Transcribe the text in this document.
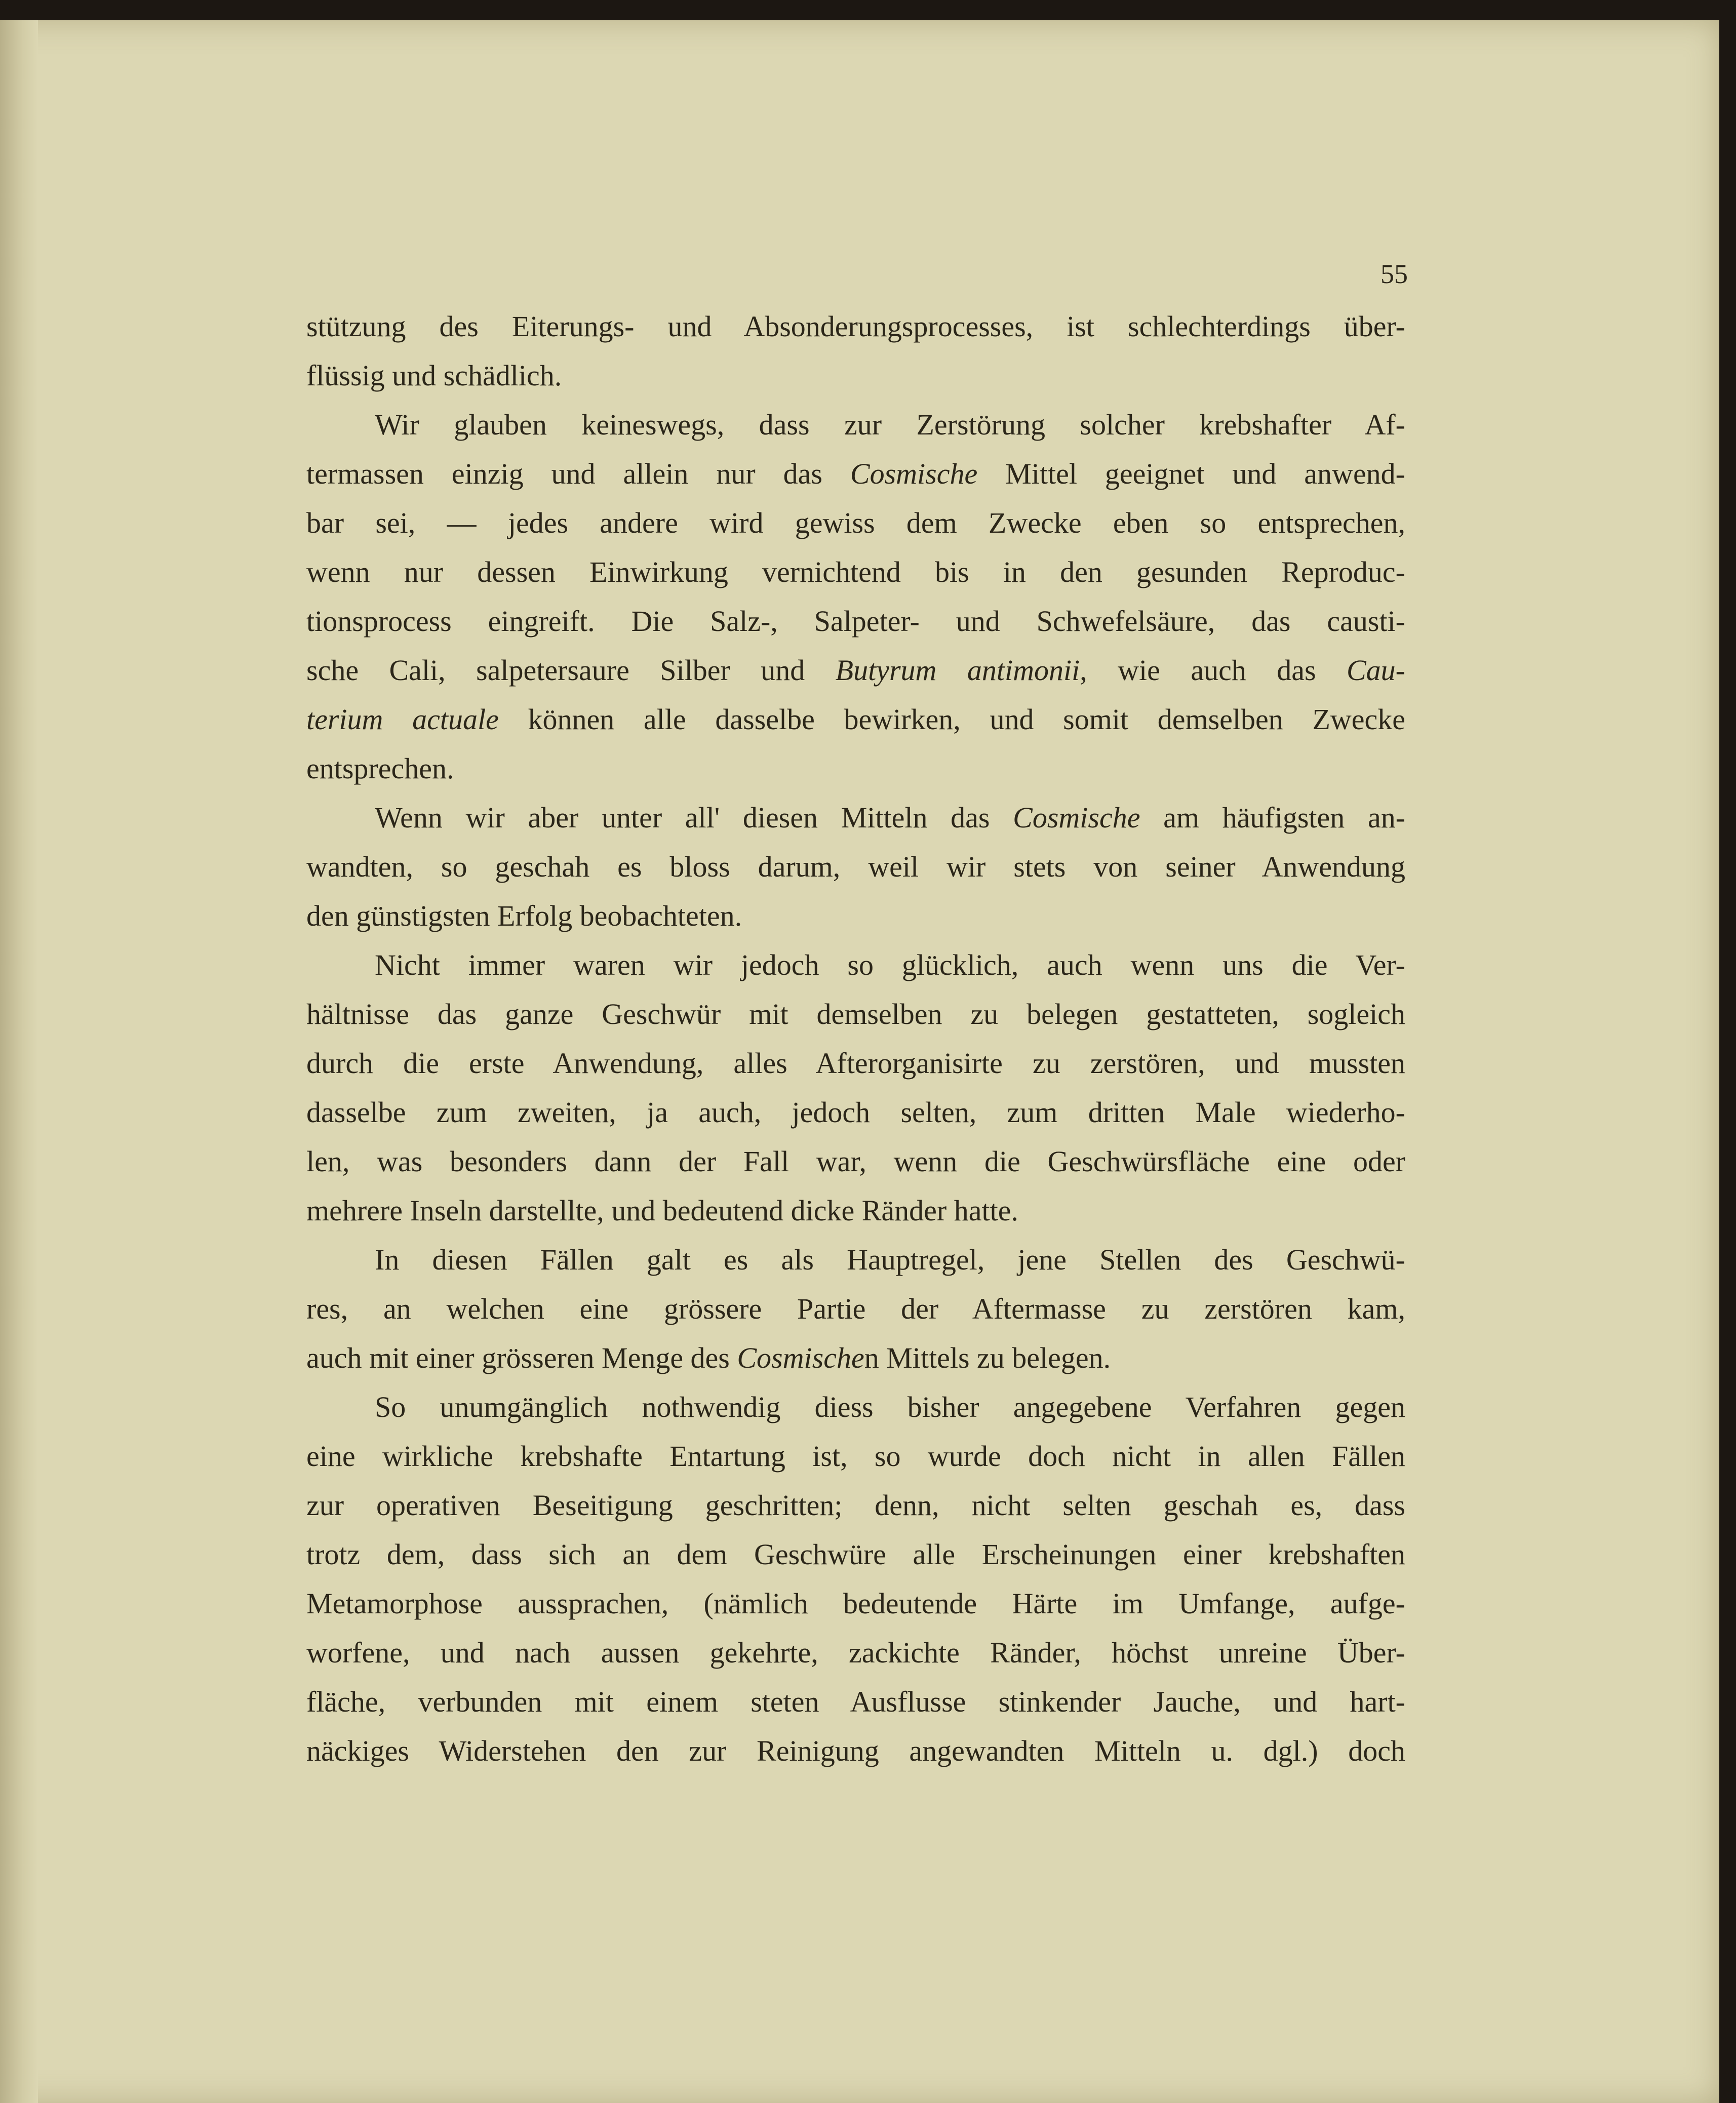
55
stützung des Eiterungs- und Absonderungsprocesses, ist schlechterdings über-
flüssig und schädlich.
Wir glauben keineswegs, dass zur Zerstörung solcher krebshafter Af-
termassen einzig und allein nur das Cosmische Mittel geeignet und anwend-
bar sei, — jedes andere wird gewiss dem Zwecke eben so entsprechen,
wenn nur dessen Einwirkung vernichtend bis in den gesunden Reproduc-
tionsprocess eingreift. Die Salz-, Salpeter- und Schwefelsäure, das causti-
sche Cali, salpetersaure Silber und Butyrum antimonii, wie auch das Cau-
terium actuale können alle dasselbe bewirken, und somit demselben Zwecke
entsprechen.
Wenn wir aber unter all' diesen Mitteln das Cosmische am häufigsten an-
wandten, so geschah es bloss darum, weil wir stets von seiner Anwendung
den günstigsten Erfolg beobachteten.
Nicht immer waren wir jedoch so glücklich, auch wenn uns die Ver-
hältnisse das ganze Geschwür mit demselben zu belegen gestatteten, sogleich
durch die erste Anwendung, alles Afterorganisirte zu zerstören, und mussten
dasselbe zum zweiten, ja auch, jedoch selten, zum dritten Male wiederho-
len, was besonders dann der Fall war, wenn die Geschwürsfläche eine oder
mehrere Inseln darstellte, und bedeutend dicke Ränder hatte.
In diesen Fällen galt es als Hauptregel, jene Stellen des Geschwü-
res, an welchen eine grössere Partie der Aftermasse zu zerstören kam,
auch mit einer grösseren Menge des Cosmischen Mittels zu belegen.
So unumgänglich nothwendig diess bisher angegebene Verfahren gegen
eine wirkliche krebshafte Entartung ist, so wurde doch nicht in allen Fällen
zur operativen Beseitigung geschritten; denn, nicht selten geschah es, dass
trotz dem, dass sich an dem Geschwüre alle Erscheinungen einer krebshaften
Metamorphose aussprachen, (nämlich bedeutende Härte im Umfange, aufge-
worfene, und nach aussen gekehrte, zackichte Ränder, höchst unreine Über-
fläche, verbunden mit einem steten Ausflusse stinkender Jauche, und hart-
näckiges Widerstehen den zur Reinigung angewandten Mitteln u. dgl.) doch
